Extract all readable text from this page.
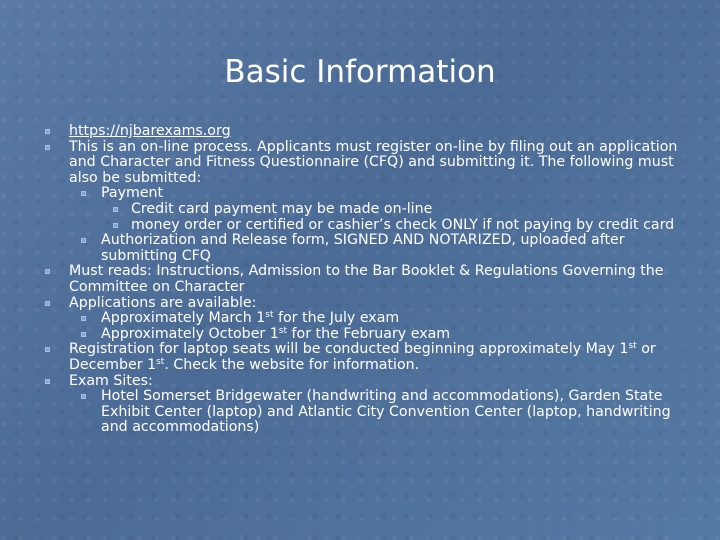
Basic Information
https://njbarexams.org
This is an on-line process. Applicants must register on-line by filing out an application and Character and Fitness Questionnaire (CFQ) and submitting it. The following must also be submitted:
Payment
Credit card payment may be made on-line
money order or certified or cashier’s check ONLY if not paying by credit card
Authorization and Release form, SIGNED AND NOTARIZED, uploaded after submitting CFQ
Must reads: Instructions, Admission to the Bar Booklet & Regulations Governing the Committee on Character
Applications are available:
Approximately March 1st for the July exam
Approximately October 1st for the February exam
Registration for laptop seats will be conducted beginning approximately May 1st or December 1st. Check the website for information.
Exam Sites:
Hotel Somerset Bridgewater (handwriting and accommodations), Garden State Exhibit Center (laptop) and Atlantic City Convention Center (laptop, handwriting and accommodations)
